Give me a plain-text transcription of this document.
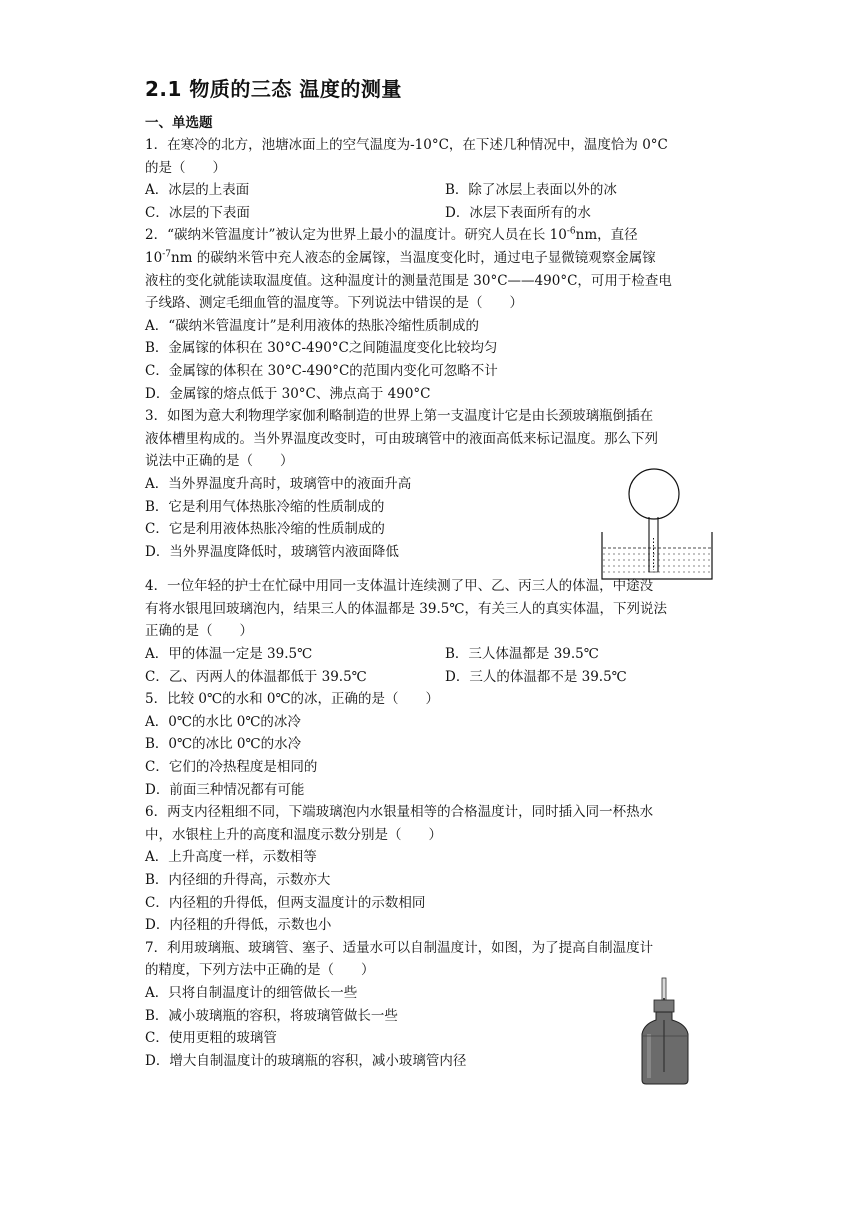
2.1 物质的三态 温度的测量
一、单选题
1．在寒冷的北方，池塘冰面上的空气温度为-10°C，在下述几种情况中，温度恰为 0°C
的是（　　）
A．冰层的上表面	B．除了冰层上表面以外的冰
C．冰层的下表面	D．冰层下表面所有的水
2．“碳纳米管温度计”被认定为世界上最小的温度计。研究人员在长 $10^{-6}nm$，直径
$10^{-7}nm$ 的碳纳米管中充人液态的金属镓，当温度变化时，通过电子显微镜观察金属镓
液柱的变化就能读取温度值。这种温度计的测量范围是 30°C——490°C，可用于检查电
子线路、测定毛细血管的温度等。下列说法中错误的是（　　）
A．“碳纳米管温度计”是利用液体的热胀冷缩性质制成的
B．金属镓的体积在 30°C-490°C之间随温度变化比较均匀
C．金属镓的体积在 30°C-490°C的范围内变化可忽略不计
D．金属镓的熔点低于 30°C、沸点高于 490°C
3．如图为意大利物理学家伽利略制造的世界上第一支温度计它是由长颈玻璃瓶倒插在
液体槽里构成的。当外界温度改变时，可由玻璃管中的液面高低来标记温度。那么下列
说法中正确的是（　　）
A．当外界温度升高时，玻璃管中的液面升高
B．它是利用气体热胀冷缩的性质制成的
C．它是利用液体热胀冷缩的性质制成的
D．当外界温度降低时，玻璃管内液面降低
4．一位年轻的护士在忙碌中用同一支体温计连续测了甲、乙、丙三人的体温，中途没
有将水银甩回玻璃泡内，结果三人的体温都是 39.5℃，有关三人的真实体温，下列说法
正确的是（　　）
A．甲的体温一定是 39.5℃	B．三人体温都是 39.5℃
C．乙、丙两人的体温都低于 39.5℃	D．三人的体温都不是 39.5℃
5．比较 0℃的水和 0℃的冰，正确的是（　　）
A．0℃的水比 0℃的冰冷
B．0℃的冰比 0℃的水冷
C．它们的冷热程度是相同的
D．前面三种情况都有可能
6．两支内径粗细不同，下端玻璃泡内水银量相等的合格温度计，同时插入同一杯热水
中，水银柱上升的高度和温度示数分别是（　　）
A．上升高度一样，示数相等
B．内径细的升得高，示数亦大
C．内径粗的升得低，但两支温度计的示数相同
D．内径粗的升得低，示数也小
7．利用玻璃瓶、玻璃管、塞子、适量水可以自制温度计，如图，为了提高自制温度计
的精度，下列方法中正确的是（　　）
A．只将自制温度计的细管做长一些
B．减小玻璃瓶的容积，将玻璃管做长一些
C．使用更粗的玻璃管
D．增大自制温度计的玻璃瓶的容积，减小玻璃管内径
